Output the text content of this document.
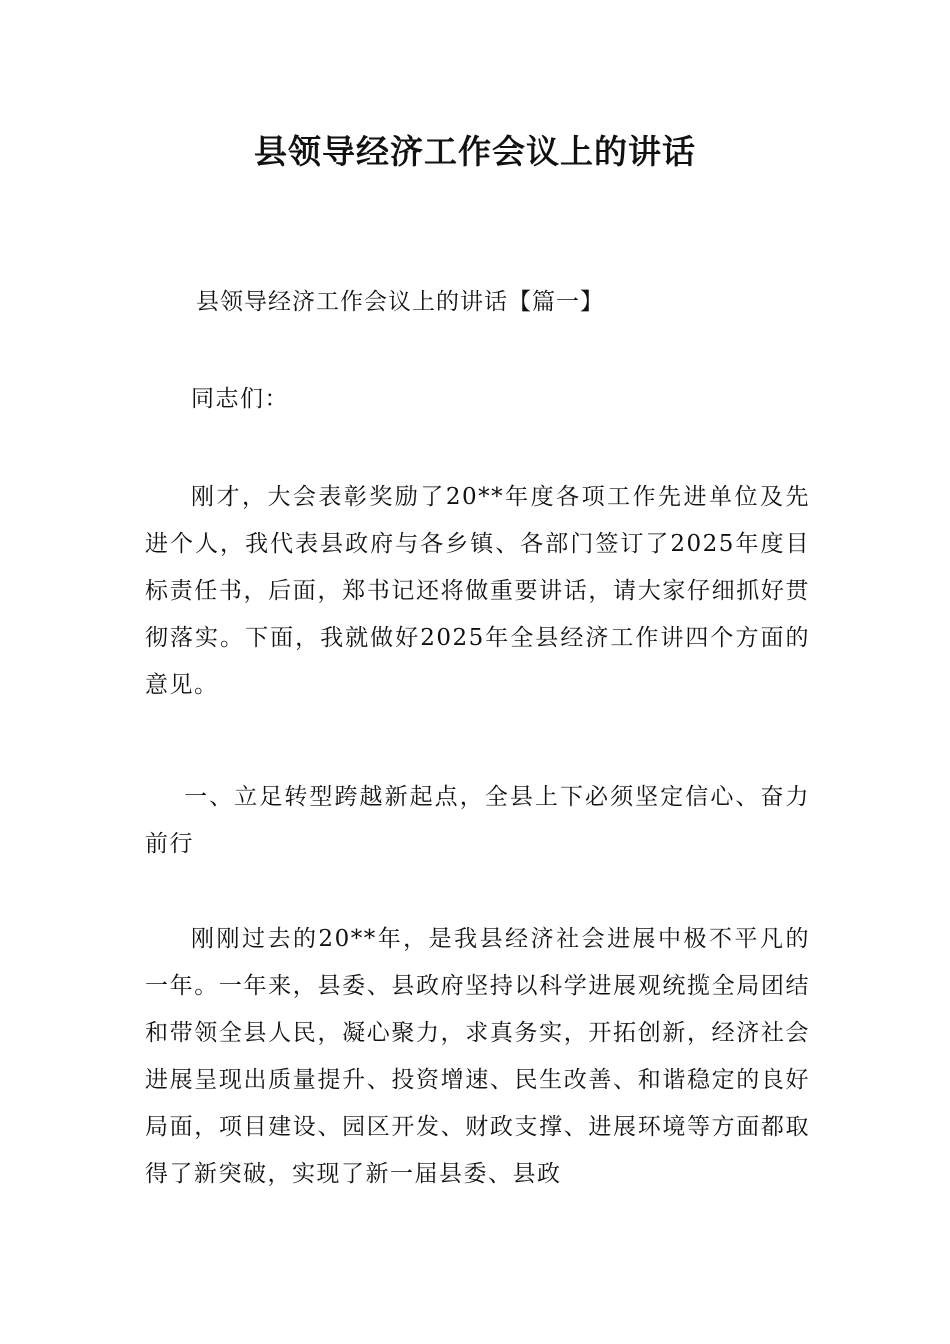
县领导经济工作会议上的讲话
县领导经济工作会议上的讲话【篇一】

同志们：

刚才，大会表彰奖励了20**年度各项工作先进单位及先进个人，我代表县政府与各乡镇、各部门签订了2025年度目标责任书，后面，郑书记还将做重要讲话，请大家仔细抓好贯彻落实。下面，我就做好2025年全县经济工作讲四个方面的意见。

一、立足转型跨越新起点，全县上下必须坚定信心、奋力前行

刚刚过去的20**年，是我县经济社会进展中极不平凡的一年。一年来，县委、县政府坚持以科学进展观统揽全局团结和带领全县人民，凝心聚力，求真务实，开拓创新，经济社会进展呈现出质量提升、投资增速、民生改善、和谐稳定的良好局面，项目建设、园区开发、财政支撑、进展环境等方面都取得了新突破，实现了新一届县委、县政
